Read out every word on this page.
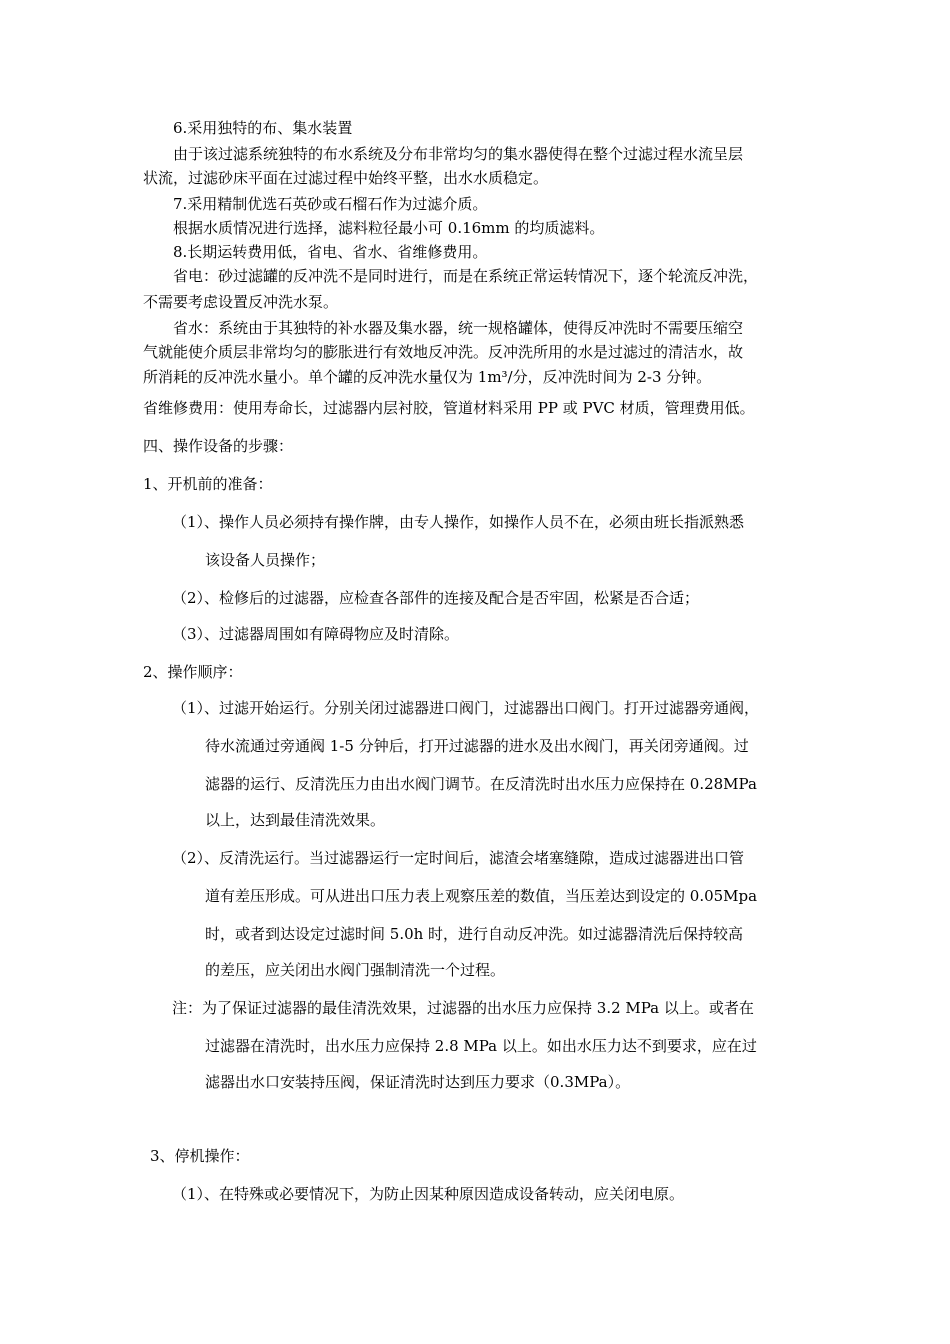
6.采用独特的布、集水装置
由于该过滤系统独特的布水系统及分布非常均匀的集水器使得在整个过滤过程水流呈层
状流，过滤砂床平面在过滤过程中始终平整，出水水质稳定。
7.采用精制优选石英砂或石榴石作为过滤介质。
根据水质情况进行选择，滤料粒径最小可 0.16mm 的均质滤料。
8.长期运转费用低，省电、省水、省维修费用。
省电：砂过滤罐的反冲洗不是同时进行，而是在系统正常运转情况下，逐个轮流反冲洗，
不需要考虑设置反冲洗水泵。
省水：系统由于其独特的补水器及集水器，统一规格罐体，使得反冲洗时不需要压缩空
气就能使介质层非常均匀的膨胀进行有效地反冲洗。反冲洗所用的水是过滤过的清洁水，故
所消耗的反冲洗水量小。单个罐的反冲洗水量仅为 1m³/分，反冲洗时间为 2-3 分钟。
省维修费用：使用寿命长，过滤器内层衬胶，管道材料采用 PP 或 PVC 材质，管理费用低。
四、操作设备的步骤：
1、开机前的准备：
（1）、操作人员必须持有操作牌，由专人操作，如操作人员不在，必须由班长指派熟悉
该设备人员操作；
（2）、检修后的过滤器，应检查各部件的连接及配合是否牢固，松紧是否合适；
（3）、过滤器周围如有障碍物应及时清除。
2、操作顺序：
（1）、过滤开始运行。分别关闭过滤器进口阀门，过滤器出口阀门。打开过滤器旁通阀，
待水流通过旁通阀 1-5 分钟后，打开过滤器的进水及出水阀门，再关闭旁通阀。过
滤器的运行、反清洗压力由出水阀门调节。在反清洗时出水压力应保持在 0.28MPa
以上，达到最佳清洗效果。
（2）、反清洗运行。当过滤器运行一定时间后，滤渣会堵塞缝隙，造成过滤器进出口管
道有差压形成。可从进出口压力表上观察压差的数值，当压差达到设定的 0.05Mpa
时，或者到达设定过滤时间 5.0h 时，进行自动反冲洗。如过滤器清洗后保持较高
的差压，应关闭出水阀门强制清洗一个过程。
注：为了保证过滤器的最佳清洗效果，过滤器的出水压力应保持 3.2 MPa 以上。或者在
过滤器在清洗时，出水压力应保持 2.8 MPa 以上。如出水压力达不到要求，应在过
滤器出水口安装持压阀，保证清洗时达到压力要求（0.3MPa）。
3、停机操作：
（1）、在特殊或必要情况下，为防止因某种原因造成设备转动，应关闭电原。
